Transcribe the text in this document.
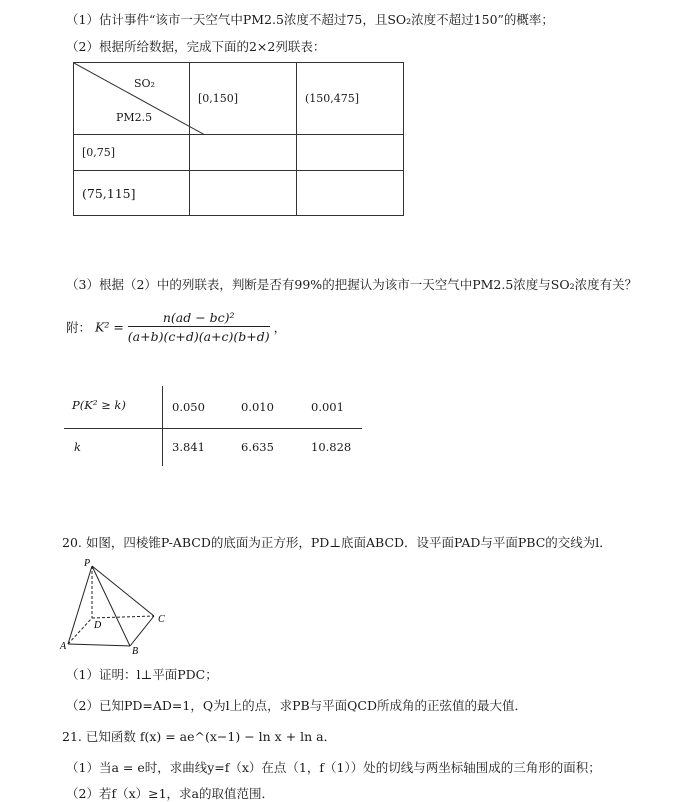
（1）估计事件“该市一天空气中PM2.5浓度不超过75，且SO₂浓度不超过150”的概率；
（2）根据所给数据，完成下面的2×2列联表：
SO₂
PM2.5	[0,150]	(150,475]
[0,75]		
(75,115]		
（3）根据（2）中的列联表，判断是否有99%的把握认为该市一天空气中PM2.5浓度与SO₂浓度有关？
附： $K^2 = \frac{\text{n(ad − bc)²}}{(a+b)(c+d)(a+c)(b+d)}$ ，
P(K² ≥ k)	0.050	0.010	0.001
k	3.841	6.635	10.828
20. 如图，四棱锥P-ABCD的底面为正方形，PD⊥底面ABCD．设平面PAD与平面PBC的交线为l．
P
A	B
C
D
（1）证明：l⊥平面PDC；
（2）已知PD=AD=1，Q为l上的点，求PB与平面QCD所成角的正弦值的最大值．
21. 已知函数 f(x) = ae^(x−1) − ln x + ln a．
（1）当a = e时，求曲线y=f（x）在点（1，f（1））处的切线与两坐标轴围成的三角形的面积；
（2）若f（x）≥1，求a的取值范围．
